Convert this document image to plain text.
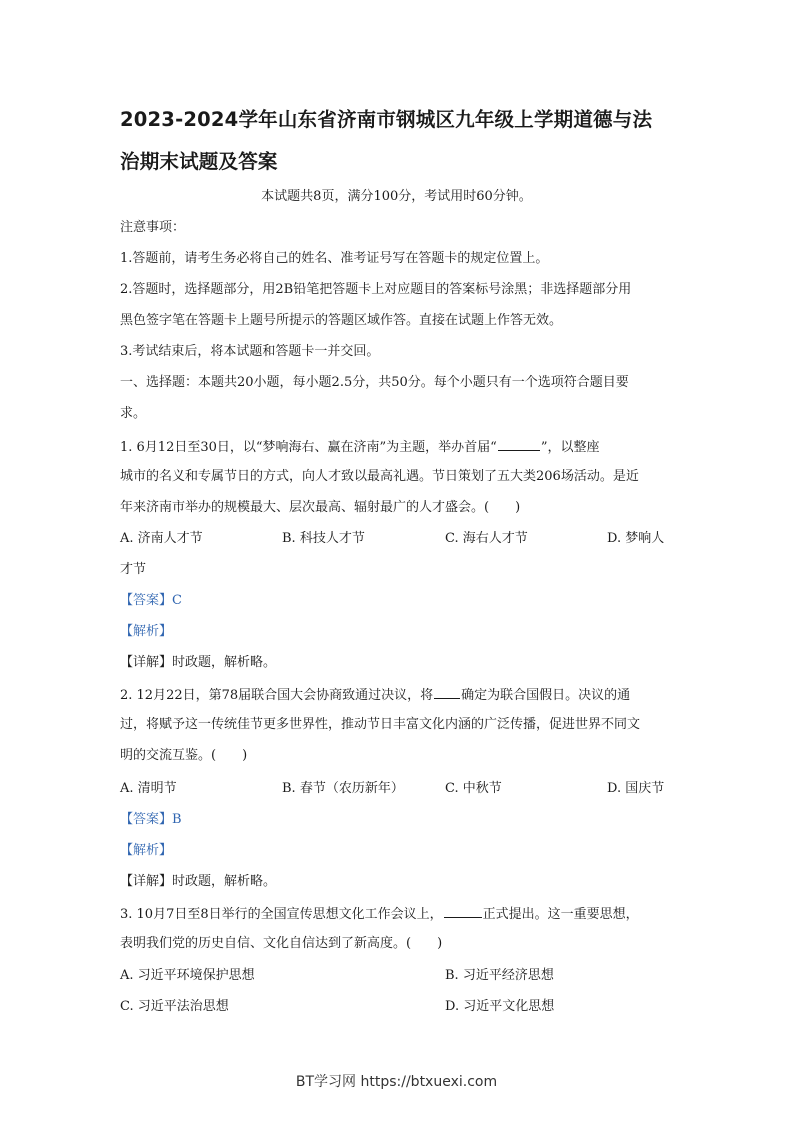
2023-2024学年山东省济南市钢城区九年级上学期道德与法
治期末试题及答案
本试题共8页，满分100分，考试用时60分钟。
注意事项：
1.答题前，请考生务必将自己的姓名、准考证号写在答题卡的规定位置上。
2.答题时，选择题部分，用2B铅笔把答题卡上对应题目的答案标号涂黑；非选择题部分用
黑色签字笔在答题卡上题号所提示的答题区域作答。直接在试题上作答无效。
3.考试结束后，将本试题和答题卡一并交回。
一、选择题：本题共20小题，每小题2.5分，共50分。每个小题只有一个选项符合题目要
求。
1. 6月12日至30日，以“梦响海右、赢在济南”为主题，举办首届“	”，以整座
城市的名义和专属节日的方式，向人才致以最高礼遇。节日策划了五大类206场活动。是近
年来济南市举办的规模最大、层次最高、辐射最广的人才盛会。(　　)
A. 济南人才节	B. 科技人才节	C. 海右人才节	D. 梦响人
才节
【答案】C
【解析】
【详解】时政题，解析略。
2. 12月22日，第78届联合国大会协商致通过决议，将 确定为联合国假日。决议的通
过，将赋予这一传统佳节更多世界性，推动节日丰富文化内涵的广泛传播，促进世界不同文
明的交流互鉴。(　　)
A. 清明节	B. 春节（农历新年）	C. 中秋节	D. 国庆节
【答案】B
【解析】
【详解】时政题，解析略。
3. 10月7日至8日举行的全国宣传思想文化工作会议上，	正式提出。这一重要思想，
表明我们党的历史自信、文化自信达到了新高度。(　　)
A. 习近平环境保护思想	B. 习近平经济思想
C. 习近平法治思想	D. 习近平文化思想
BT学习网 https://btxuexi.com
